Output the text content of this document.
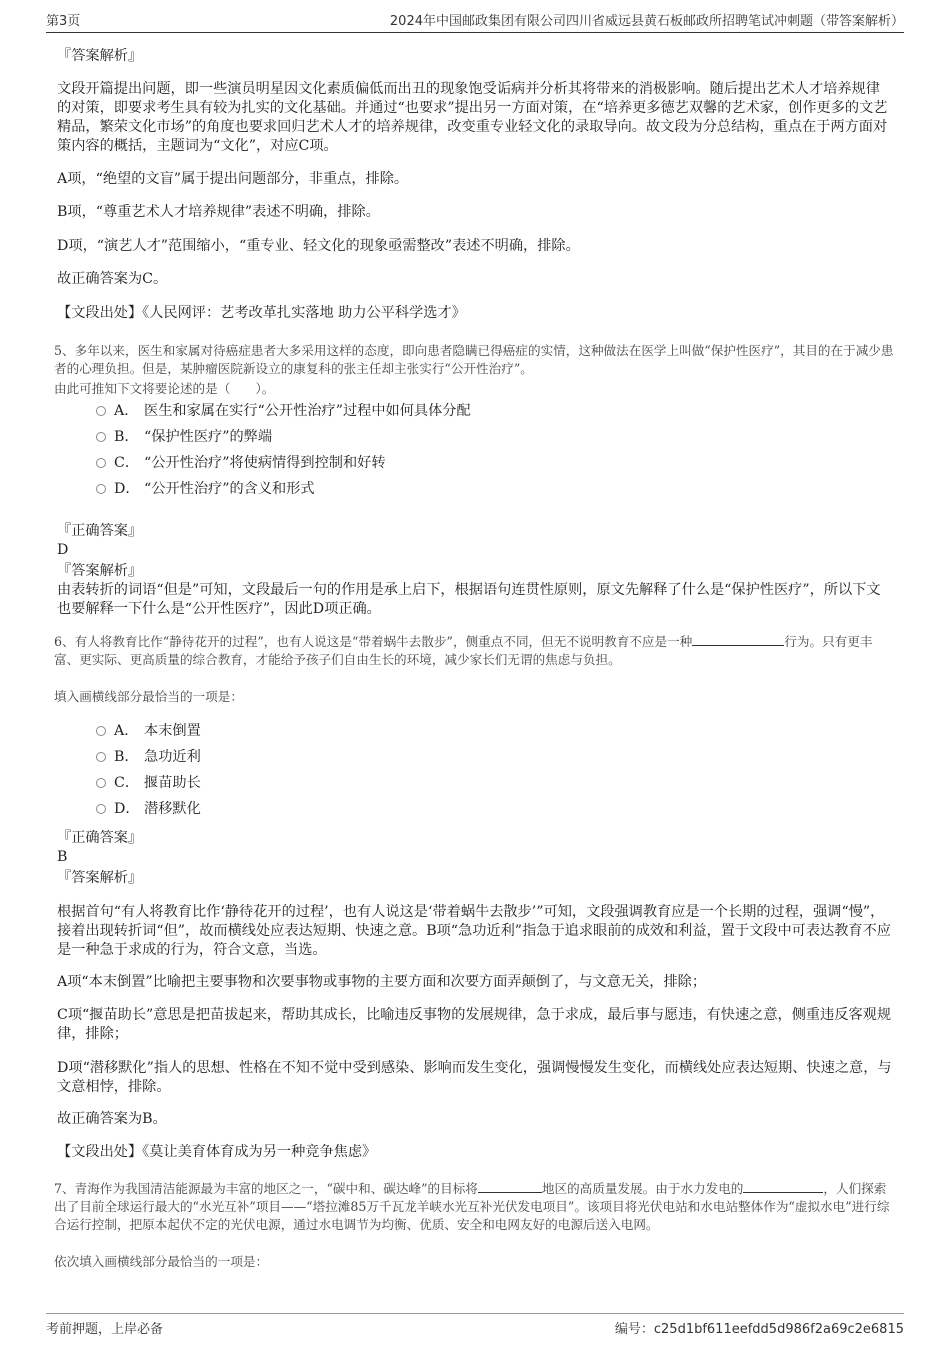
第3页	2024年中国邮政集团有限公司四川省威远县黄石板邮政所招聘笔试冲刺题（带答案解析）

『答案解析』

文段开篇提出问题，即一些演员明星因文化素质偏低而出丑的现象饱受诟病并分析其将带来的消极影响。随后提出艺术人才培养规律的对策，即要求考生具有较为扎实的文化基础。并通过“也要求”提出另一方面对策，在“培养更多德艺双馨的艺术家，创作更多的文艺精品，繁荣文化市场”的角度也要求回归艺术人才的培养规律，改变重专业轻文化的录取导向。故文段为分总结构，重点在于两方面对策内容的概括，主题词为“文化”，对应C项。

A项，“绝望的文盲”属于提出问题部分，非重点，排除。

B项，“尊重艺术人才培养规律”表述不明确，排除。

D项，“演艺人才”范围缩小，“重专业、轻文化的现象亟需整改”表述不明确，排除。

故正确答案为C。

【文段出处】《人民网评：艺考改革扎实落地 助力公平科学选才》

5、多年以来，医生和家属对待癌症患者大多采用这样的态度，即向患者隐瞒已得癌症的实情，这种做法在医学上叫做“保护性医疗”，其目的在于减少患者的心理负担。但是，某肿瘤医院新设立的康复科的张主任却主张实行“公开性治疗”。

由此可推知下文将要论述的是（　　）。

A． 医生和家属在实行“公开性治疗”过程中如何具体分配
B． “保护性医疗”的弊端
C． “公开性治疗”将使病情得到控制和好转
D． “公开性治疗”的含义和形式

『正确答案』

D

『答案解析』

由表转折的词语“但是”可知，文段最后一句的作用是承上启下，根据语句连贯性原则，原文先解释了什么是“保护性医疗”，所以下文也要解释一下什么是“公开性医疗”，因此D项正确。

6、有人将教育比作“静待花开的过程”，也有人说这是“带着蜗牛去散步”，侧重点不同，但无不说明教育不应是一种	行为。只有更丰富、更实际、更高质量的综合教育，才能给予孩子们自由生长的环境，减少家长们无谓的焦虑与负担。

填入画横线部分最恰当的一项是：

A． 本末倒置
B． 急功近利
C． 揠苗助长
D． 潜移默化

『正确答案』

B

『答案解析』

根据首句“有人将教育比作‘静待花开的过程’，也有人说这是‘带着蜗牛去散步’”可知，文段强调教育应是一个长期的过程，强调“慢”，接着出现转折词“但”，故而横线处应表达短期、快速之意。B项“急功近利”指急于追求眼前的成效和利益，置于文段中可表达教育不应是一种急于求成的行为，符合文意，当选。

A项“本末倒置”比喻把主要事物和次要事物或事物的主要方面和次要方面弄颠倒了，与文意无关，排除；

C项“揠苗助长”意思是把苗拔起来，帮助其成长，比喻违反事物的发展规律，急于求成，最后事与愿违，有快速之意，侧重违反客观规律，排除；

D项“潜移默化”指人的思想、性格在不知不觉中受到感染、影响而发生变化，强调慢慢发生变化，而横线处应表达短期、快速之意，与文意相悖，排除。

故正确答案为B。

【文段出处】《莫让美育体育成为另一种竞争焦虑》

7、青海作为我国清洁能源最为丰富的地区之一，“碳中和、碳达峰”的目标将	地区的高质量发展。由于水力发电的	，人们探索出了目前全球运行最大的“水光互补”项目——“塔拉滩85万千瓦龙羊峡水光互补光伏发电项目”。该项目将光伏电站和水电站整体作为“虚拟水电”进行综合运行控制，把原本起伏不定的光伏电源，通过水电调节为均衡、优质、安全和电网友好的电源后送入电网。

依次填入画横线部分最恰当的一项是：

考前押题，上岸必备	编号：c25d1bf611eefdd5d986f2a69c2e6815
